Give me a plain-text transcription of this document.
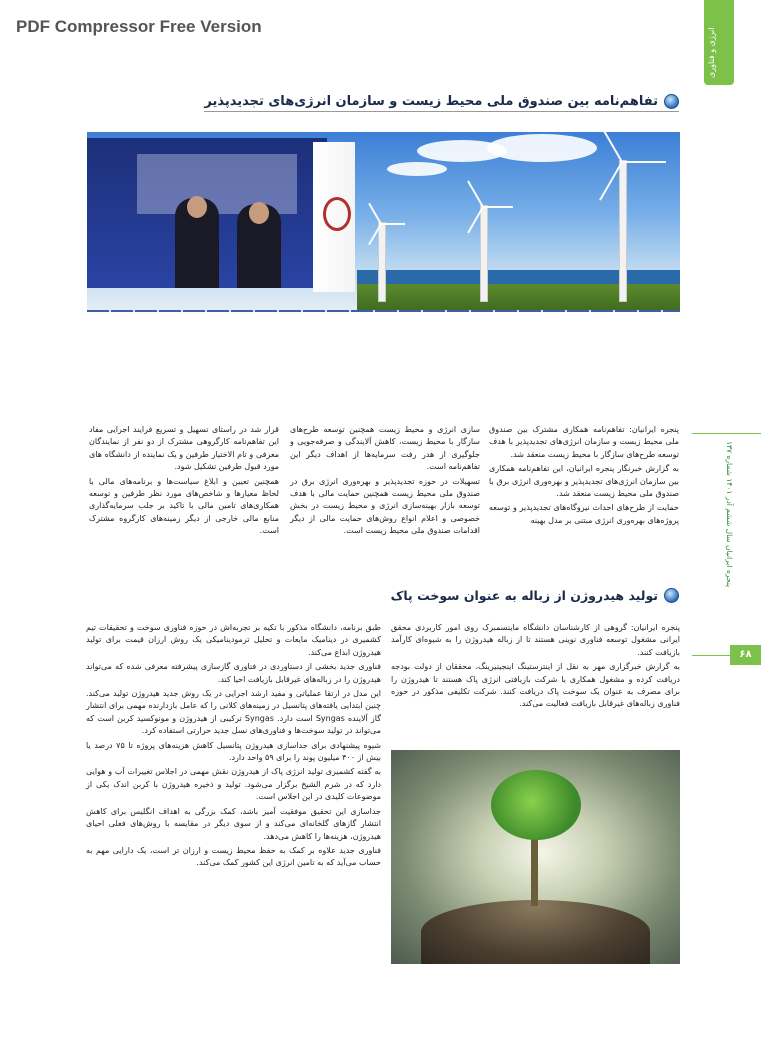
PDF Compressor Free Version
انرژی و فناوری
تفاهم‌نامه بین صندوق ملی محیط زیست و سازمان انرژی‌های تجدیدپذیر

پنجره ایرانیان: تفاهم‌نامه همکاری مشترک بین صندوق ملی محیط زیست و سازمان انرژی‌های تجدیدپذیر با هدف توسعه طرح‌های سازگار با محیط زیست منعقد شد.

به گزارش خبرنگار پنجره ایرانیان، این تفاهم‌نامه همکاری بین سازمان انرژی‌های تجدیدپذیر و بهره‌وری انرژی برق با صندوق ملی محیط زیست منعقد شد.

حمایت از طرح‌های احداث نیروگاه‌های تجدیدپذیر و توسعه پروژه‌های بهره‌وری انرژی مبتنی بر مدل بهینه

سازی انرژی و محیط زیست همچنین توسعه طرح‌های سازگار با محیط زیست، کاهش آلایندگی و صرفه‌جویی و جلوگیری از هدر رفت سرمایه‌ها از اهداف دیگر این تفاهم‌نامه است.

تسهیلات در حوزه تجدیدپذیر و بهره‌وری انرژی برق در صندوق ملی محیط زیست همچنین حمایت مالی با هدف توسعه بازار بهینه‌سازی انرژی و محیط زیست در بخش خصوصی و اعلام انواع روش‌های حمایت مالی از دیگر اقدامات صندوق ملی محیط زیست است.

قرار شد در راستای تسهیل و تسریع فرایند اجرایی مفاد این تفاهم‌نامه کارگروهی مشترک از دو نفر از نمایندگان معرفی و تام الاختیار طرفین و یک نماینده از دانشگاه های مورد قبول طرفین تشکیل شود.

همچنین تعیین و ابلاغ سیاست‌ها و برنامه‌های مالی با لحاظ معیارها و شاخص‌های مورد نظر طرفین و توسعه همکاری‌های تامین مالی با تاکید بر جلب سرمایه‌گذاری منابع مالی خارجی از دیگر زمینه‌های کارگروه مشترک است.

پنجره ایرانیان سال ششم آذر ۱۴۰۱ شماره ۱۳۷
۶۸
تولید هیدروژن از زباله به عنوان سوخت پاک

پنجره ایرانیان: گروهی از کارشناسان دانشگاه ماینسمبرک روی امور کاربردی محقق ایرانی مشغول توسعه فناوری نوینی هستند تا از زباله هیدروژن را به شیوه‌ای کارآمد بازیافت کنند.

به گزارش خبرگزاری مهر به نقل از اینترستینگ اینجینیرینگ، محققان از دولت بودجه دریافت کرده و مشغول همکاری با شرکت بازیافتی انرژی پاک هستند تا هیدروژن را برای مصرف به عنوان یک سوخت پاک دریافت کنند. شرکت تکلیفی مذکور در حوزه فناوری زباله‌های غیرقابل بازیافت فعالیت می‌کند.

طبق برنامه، دانشگاه مذکور با تکیه بر تجربه‌اش در حوزه فناوری سوخت و تحقیقات تیم کشمیری در دینامیک مایعات و تحلیل ترمودینامیکی یک روش ارزان قیمت برای تولید هیدروژن ابداع می‌کند.

فناوری جدید بخشی از دستاوردی در فناوری گازسازی پیشرفته معرفی شده که می‌تواند هیدروژن را در زباله‌های غیرقابل بازیافت احیا کند.

این مدل در ارتقا عملیاتی و مفید ارشد اجرایی در یک روش جدید هیدروژن تولید می‌کند. چنین ابتدایی یافته‌های پتانسیل در زمینه‌های کلانی را که عامل بازدارنده مهمی برای انتشار گاز آلاینده Syngas است دارد. Syngas ترکیبی از هیدروژن و مونوکسید کربن است که می‌تواند در تولید سوخت‌ها و فناوری‌های نسل جدید حرارتی استفاده کرد.

شیوه پیشنهادی برای جداسازی هیدروژن پتانسیل کاهش هزینه‌های پروژه تا ۷۵ درصد یا بیش از ۴۰۰ میلیون پوند را برای ۵۹ واحد دارد.

به گفته کشمیری تولید انرژی پاک از هیدروژن نقش مهمی در اجلاس تغییرات آب و هوایی دارد که در شرم الشیخ برگزار می‌شود. تولید و ذخیره هیدروژن با کربن اندک یکی از موضوعات کلیدی در این اجلاس است.

جداسازی این تحقیق موفقیت آمیز باشد، کمک بزرگی به اهداف انگلیس برای کاهش انتشار گازهای گلخانه‌ای می‌کند و از سوی دیگر در مقایسه با روش‌های فعلی احیای هیدروژن، هزینه‌ها را کاهش می‌دهد.

فناوری جدید علاوه بر کمک به حفظ محیط زیست و ارزان تر است، یک دارایی مهم به حساب می‌آید که به تامین انرژی این کشور کمک می‌کند.
